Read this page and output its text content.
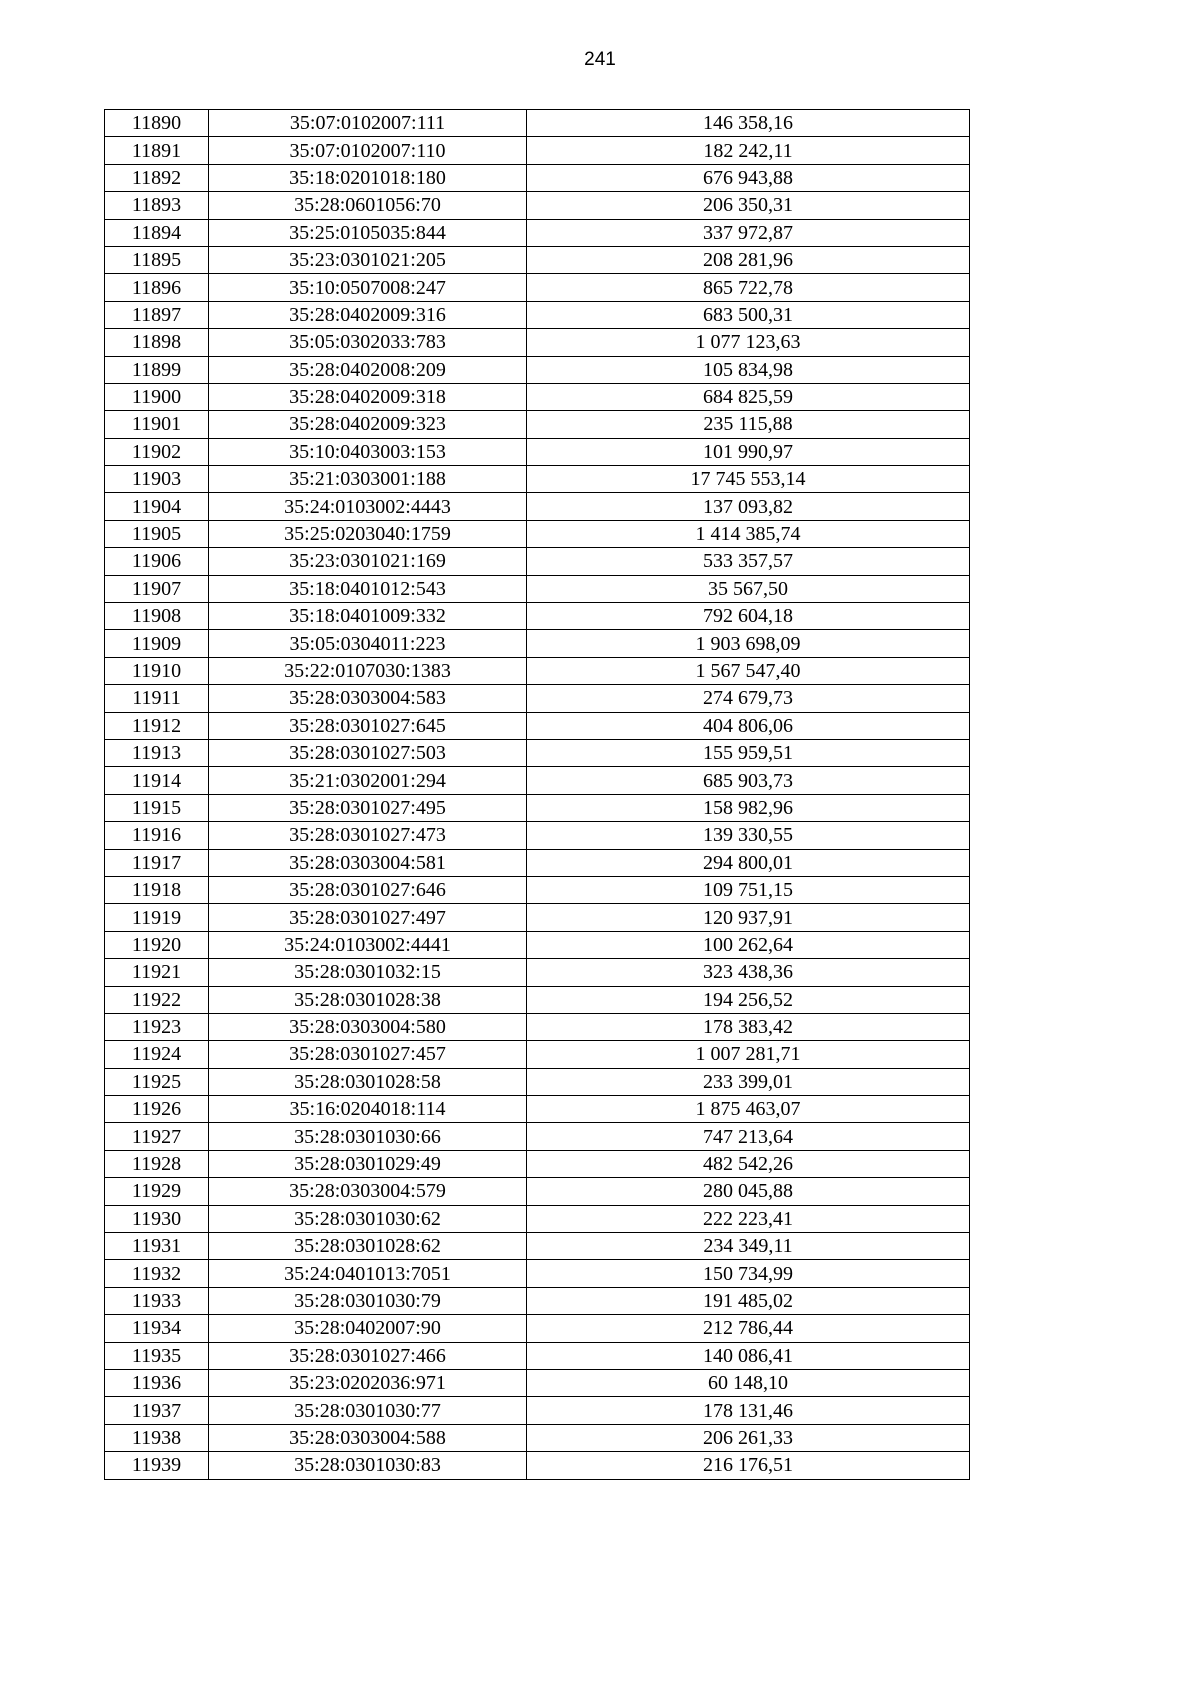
241
11890	35:07:0102007:111	146 358,16
11891	35:07:0102007:110	182 242,11
11892	35:18:0201018:180	676 943,88
11893	35:28:0601056:70	206 350,31
11894	35:25:0105035:844	337 972,87
11895	35:23:0301021:205	208 281,96
11896	35:10:0507008:247	865 722,78
11897	35:28:0402009:316	683 500,31
11898	35:05:0302033:783	1 077 123,63
11899	35:28:0402008:209	105 834,98
11900	35:28:0402009:318	684 825,59
11901	35:28:0402009:323	235 115,88
11902	35:10:0403003:153	101 990,97
11903	35:21:0303001:188	17 745 553,14
11904	35:24:0103002:4443	137 093,82
11905	35:25:0203040:1759	1 414 385,74
11906	35:23:0301021:169	533 357,57
11907	35:18:0401012:543	35 567,50
11908	35:18:0401009:332	792 604,18
11909	35:05:0304011:223	1 903 698,09
11910	35:22:0107030:1383	1 567 547,40
11911	35:28:0303004:583	274 679,73
11912	35:28:0301027:645	404 806,06
11913	35:28:0301027:503	155 959,51
11914	35:21:0302001:294	685 903,73
11915	35:28:0301027:495	158 982,96
11916	35:28:0301027:473	139 330,55
11917	35:28:0303004:581	294 800,01
11918	35:28:0301027:646	109 751,15
11919	35:28:0301027:497	120 937,91
11920	35:24:0103002:4441	100 262,64
11921	35:28:0301032:15	323 438,36
11922	35:28:0301028:38	194 256,52
11923	35:28:0303004:580	178 383,42
11924	35:28:0301027:457	1 007 281,71
11925	35:28:0301028:58	233 399,01
11926	35:16:0204018:114	1 875 463,07
11927	35:28:0301030:66	747 213,64
11928	35:28:0301029:49	482 542,26
11929	35:28:0303004:579	280 045,88
11930	35:28:0301030:62	222 223,41
11931	35:28:0301028:62	234 349,11
11932	35:24:0401013:7051	150 734,99
11933	35:28:0301030:79	191 485,02
11934	35:28:0402007:90	212 786,44
11935	35:28:0301027:466	140 086,41
11936	35:23:0202036:971	60 148,10
11937	35:28:0301030:77	178 131,46
11938	35:28:0303004:588	206 261,33
11939	35:28:0301030:83	216 176,51
